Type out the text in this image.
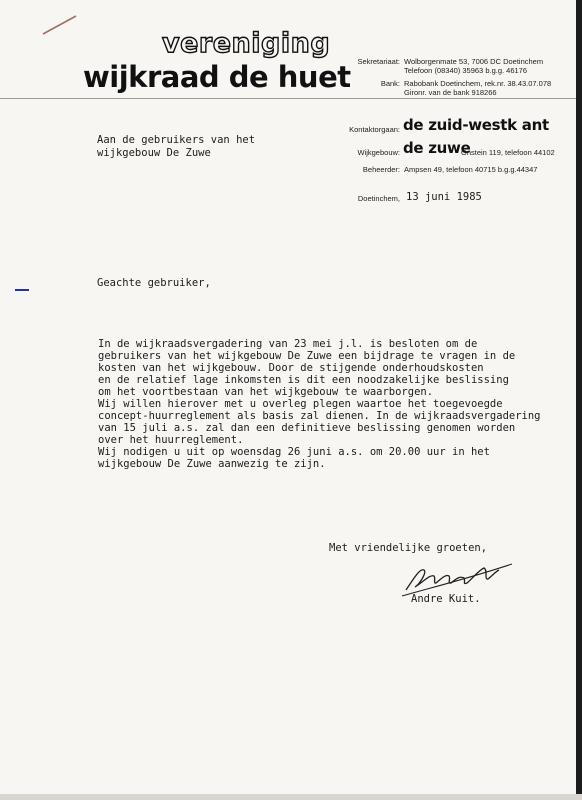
vereniging
wijkraad de huet Sekretariaat: Wolborgenmate 53, 7006 DC Doetinchem
Telefoon (08340) 35963 b.g.g. 46176
Bank: Rabobank Doetinchem, rek.nr. 38.43.07.078
Gironr. van de bank 918266
Kontaktorgaan: de zuid-westk ant
Wijkgebouw: de zuwe
Onstein 119, telefoon 44102
Beheerder: Ampsen 49, telefoon 40715 b.g.g.44347
Doetinchem, 13 juni 1985
Aan de gebruikers van het
wijkgebouw De Zuwe
Geachte gebruiker,
In de wijkraadsvergadering van 23 mei j.l. is besloten om de
gebruikers van het wijkgebouw De Zuwe een bijdrage te vragen in de
kosten van het wijkgebouw. Door de stijgende onderhoudskosten
en de relatief lage inkomsten is dit een noodzakelijke beslissing
om het voortbestaan van het wijkgebouw te waarborgen.
Wij willen hierover met u overleg plegen waartoe het toegevoegde
concept-huurreglement als basis zal dienen. In de wijkraadsvergadering
van 15 juli a.s. zal dan een definitieve beslissing genomen worden
over het huurreglement.
Wij nodigen u uit op woensdag 26 juni a.s. om 20.00 uur in het
wijkgebouw De Zuwe aanwezig te zijn.
Met vriendelijke groeten,
Andre Kuit.
